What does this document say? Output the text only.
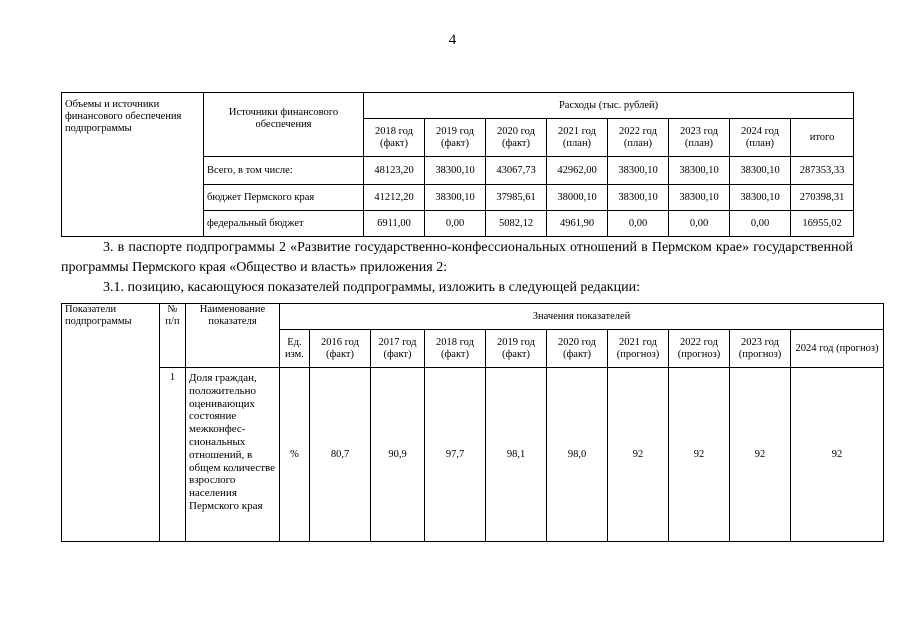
4
Объемы и источники финансового обеспечения подпрограммы	Источники финансового обеспечения	Расходы (тыс. рублей)							
		2018 год (факт)	2019 год (факт)	2020 год (факт)	2021 год (план)	2022 год (план)	2023 год (план)	2024 год (план)	итого
	Всего, в том числе:	48123,20	38300,10	43067,73	42962,00	38300,10	38300,10	38300,10	287353,33
	бюджет Пермского края	41212,20	38300,10	37985,61	38000,10	38300,10	38300,10	38300,10	270398,31
	федеральный бюджет	6911,00	0,00	5082,12	4961,90	0,00	0,00	0,00	16955,02
3. в паспорте подпрограммы 2 «Развитие государственно-конфессиональных отношений в Пермском крае» государственной программы Пермского края «Общество и власть» приложения 2:
3.1. позицию, касающуюся показателей подпрограммы, изложить в следующей редакции:
Показатели подпрограммы	№ п/п	Наименование показателя	Значения показателей									
			Ед. изм.	2016 год (факт)	2017 год (факт)	2018 год (факт)	2019 год (факт)	2020 год (факт)	2021 год (прогноз)	2022 год (прогноз)	2023 год (прогноз)	2024 год (прогноз)
	1	Доля граждан, положительно оценивающих состояние межконфес-сиональных отношений, в общем количестве взрослого населения Пермского края	%	80,7	90,9	97,7	98,1	98,0	92	92	92	92
